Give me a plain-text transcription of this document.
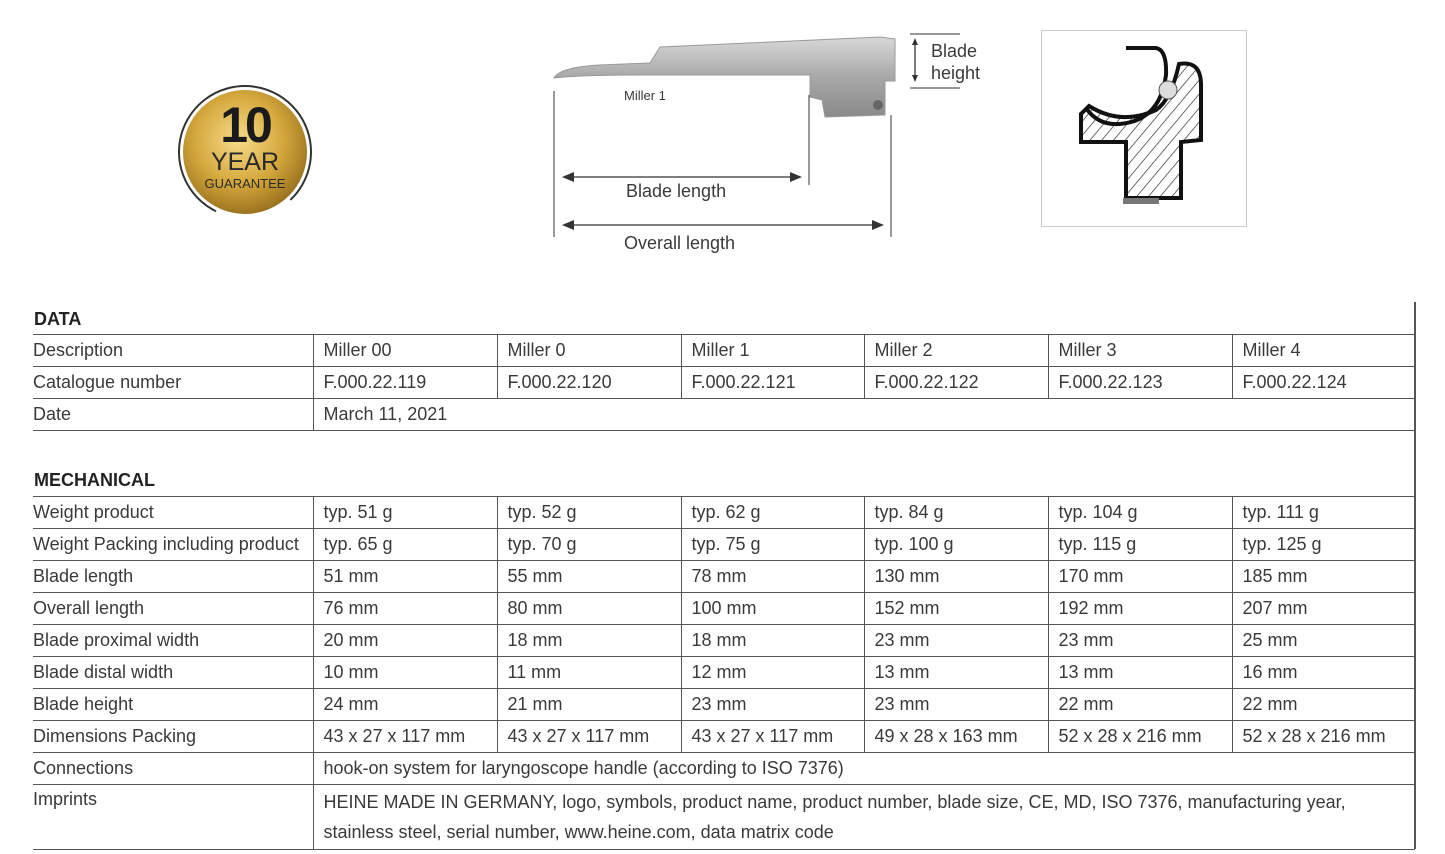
10
YEAR
GUARANTEE
Miller 1
Blade
height
Blade length
Overall length
DATA
Description	Miller 00	Miller 0	Miller 1	Miller 2	Miller 3	Miller 4
Catalogue number	F.000.22.119	F.000.22.120	F.000.22.121	F.000.22.122	F.000.22.123	F.000.22.124
Date	March 11, 2021					
MECHANICAL
Weight product	typ. 51 g	typ. 52 g	typ. 62 g	typ. 84 g	typ. 104 g	typ. 111 g
Weight Packing including product	typ. 65 g	typ. 70 g	typ. 75 g	typ. 100 g	typ. 115 g	typ. 125 g
Blade length	51 mm	55 mm	78 mm	130 mm	170 mm	185 mm
Overall length	76 mm	80 mm	100 mm	152 mm	192 mm	207 mm
Blade proximal width	20 mm	18 mm	18 mm	23 mm	23 mm	25 mm
Blade distal width	10 mm	11 mm	12 mm	13 mm	13 mm	16 mm
Blade height	24 mm	21 mm	23 mm	23 mm	22 mm	22 mm
Dimensions Packing	43 x 27 x 117 mm	43 x 27 x 117 mm	43 x 27 x 117 mm	49 x 28 x 163 mm	52 x 28 x 216 mm	52 x 28 x 216 mm
Connections	hook-on system for laryngoscope handle (according to ISO 7376)					
Imprints	HEINE MADE IN GERMANY, logo, symbols, product name, product number, blade size, CE, MD, ISO 7376, manufacturing year, stainless steel, serial number, www.heine.com, data matrix code					
